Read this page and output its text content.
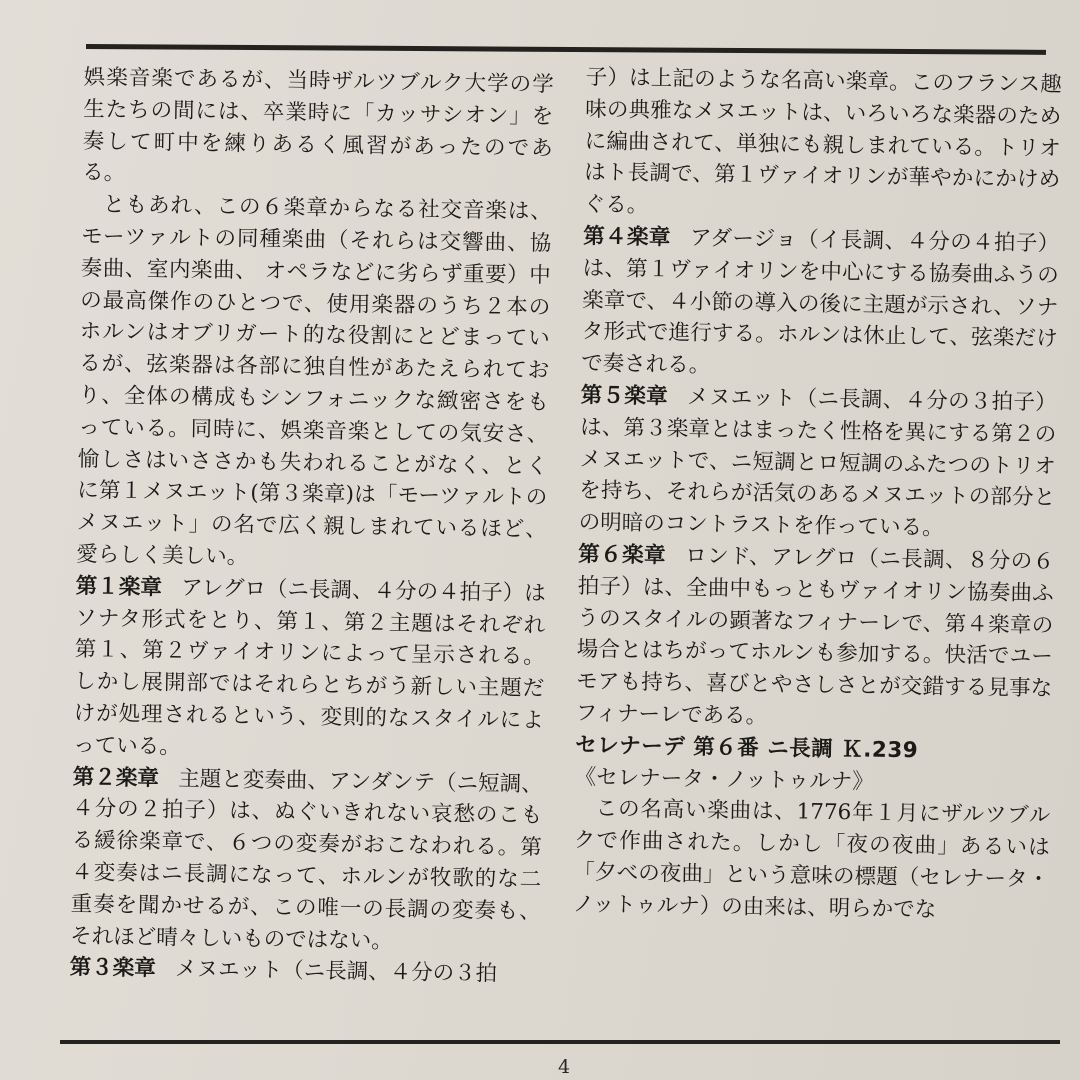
娯楽音楽であるが、当時ザルツブルク大学の学生たちの間には、卒業時に「カッサシオン」を奏して町中を練りあるく風習があったのである。

ともあれ、この６楽章からなる社交音楽は、モーツァルトの同種楽曲（それらは交響曲、協奏曲、室内楽曲、 オペラなどに劣らず重要）中の最高傑作のひとつで、使用楽器のうち２本のホルンはオブリガート的な役割にとどまっているが、弦楽器は各部に独自性があたえられており、全体の構成もシンフォニックな緻密さをもっている。同時に、娯楽音楽としての気安さ、愉しさはいささかも失われることがなく、とくに第１メヌエット(第３楽章)は「モーツァルトのメヌエット」の名で広く親しまれているほど、愛らしく美しい。

第１楽章 アレグロ（ニ長調、４分の４拍子）はソナタ形式をとり、第１、第２主題はそれぞれ第１、第２ヴァイオリンによって呈示される。しかし展開部ではそれらとちがう新しい主題だけが処理されるという、変則的なスタイルによっている。

第２楽章 主題と変奏曲、アンダンテ（ニ短調、４分の２拍子）は、ぬぐいきれない哀愁のこもる緩徐楽章で、６つの変奏がおこなわれる。第４変奏はニ長調になって、ホルンが牧歌的な二重奏を聞かせるが、この唯一の長調の変奏も、それほど晴々しいものではない。

第３楽章 メヌエット（ニ長調、４分の３拍

子）は上記のような名高い楽章。このフランス趣味の典雅なメヌエットは、いろいろな楽器のために編曲されて、単独にも親しまれている。トリオはト長調で、第１ヴァイオリンが華やかにかけめぐる。

第４楽章 アダージョ（イ長調、４分の４拍子）は、第１ヴァイオリンを中心にする協奏曲ふうの楽章で、４小節の導入の後に主題が示され、ソナタ形式で進行する。ホルンは休止して、弦楽だけで奏される。

第５楽章 メヌエット（ニ長調、４分の３拍子）は、第３楽章とはまったく性格を異にする第２のメヌエットで、ニ短調とロ短調のふたつのトリオを持ち、それらが活気のあるメヌエットの部分との明暗のコントラストを作っている。

第６楽章 ロンド、アレグロ（ニ長調、８分の６拍子）は、全曲中もっともヴァイオリン協奏曲ふうのスタイルの顕著なフィナーレで、第４楽章の場合とはちがってホルンも参加する。快活でユーモアも持ち、喜びとやさしさとが交錯する見事なフィナーレである。

セレナーデ 第６番 ニ長調 Ｋ.239

《セレナータ・ノットゥルナ》

この名高い楽曲は、1776年１月にザルツブルクで作曲された。しかし「夜の夜曲」あるいは「夕べの夜曲」という意味の標題（セレナータ・ノットゥルナ）の由来は、明らかでな

4
